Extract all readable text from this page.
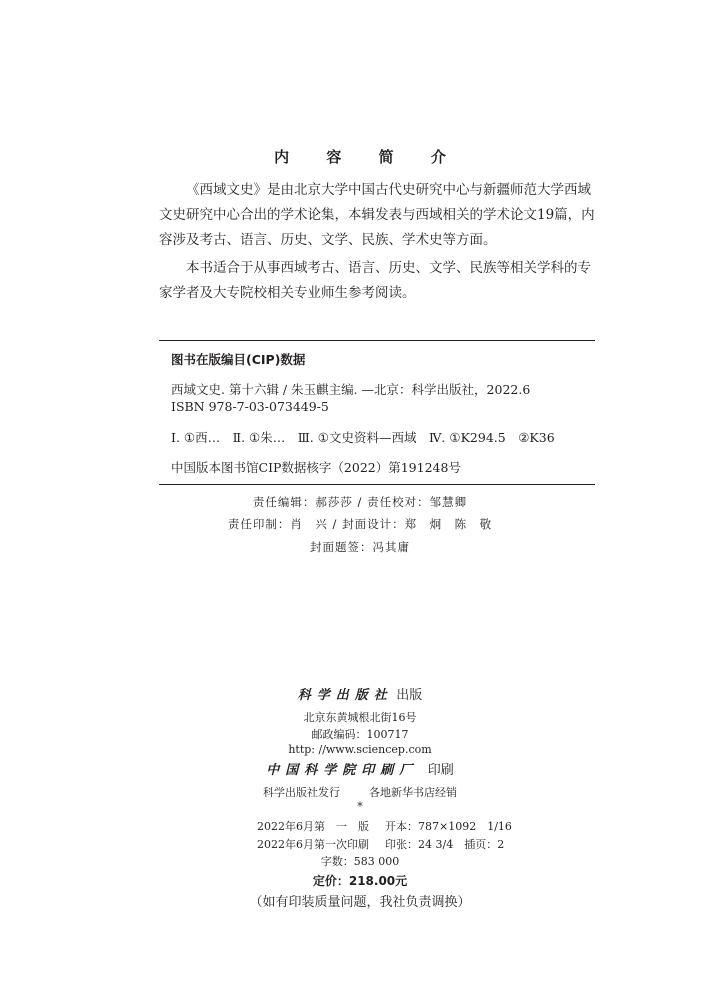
内 容 简 介

《西域文史》是由北京大学中国古代史研究中心与新疆师范大学西域
文史研究中心合出的学术论集，本辑发表与西域相关的学术论文19篇，内
容涉及考古、语言、历史、文学、民族、学术史等方面。

本书适合于从事西域考古、语言、历史、文学、民族等相关学科的专
家学者及大专院校相关专业师生参考阅读。

图书在版编目(CIP)数据
西域文史. 第十六辑 / 朱玉麒主编. —北京：科学出版社，2022.6
ISBN 978-7-03-073449-5
Ⅰ. ①西…　Ⅱ. ①朱…　Ⅲ. ①文史资料—西域　Ⅳ. ①K294.5　②K36
中国版本图书馆CIP数据核字（2022）第191248号
责任编辑：郝莎莎 / 责任校对：邹慧卿
责任印制：肖　兴 / 封面设计：郑　炯　陈　敬
封面题签：冯其庸
科学出版社 出版
北京东黄城根北街16号
邮政编码：100717
http: //www.sciencep.com
中国科学院印刷厂 印刷
科学出版社发行	各地新华书店经销
*
2022年6月第　一　版 开本：787×1092　1/16
2022年6月第一次印刷 印张：24 3/4　插页：2
字数：583 000
定价：218.00元
（如有印装质量问题，我社负责调换）
